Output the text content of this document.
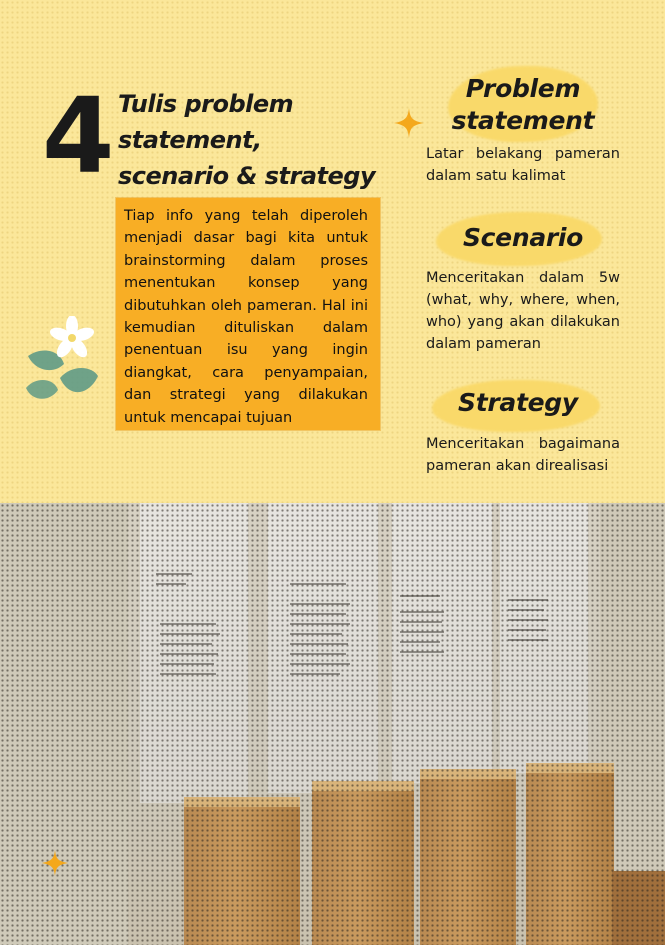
4 Tulis problem
statement,
scenario & strategy

Tiap info yang telah diperoleh menjadi dasar bagi kita untuk brainstorming dalam proses menentukan konsep yang dibutuhkan oleh pameran. Hal ini kemudian dituliskan dalam penentuan isu yang ingin diangkat, cara penyampaian, dan strategi yang dilakukan untuk mencapai tujuan

Problem
statement

Latar belakang pameran dalam satu kalimat

Scenario

Menceritakan dalam 5w (what, why, where, when, who) yang akan dilakukan dalam pameran

Strategy

Menceritakan bagaimana pameran akan direalisasi
